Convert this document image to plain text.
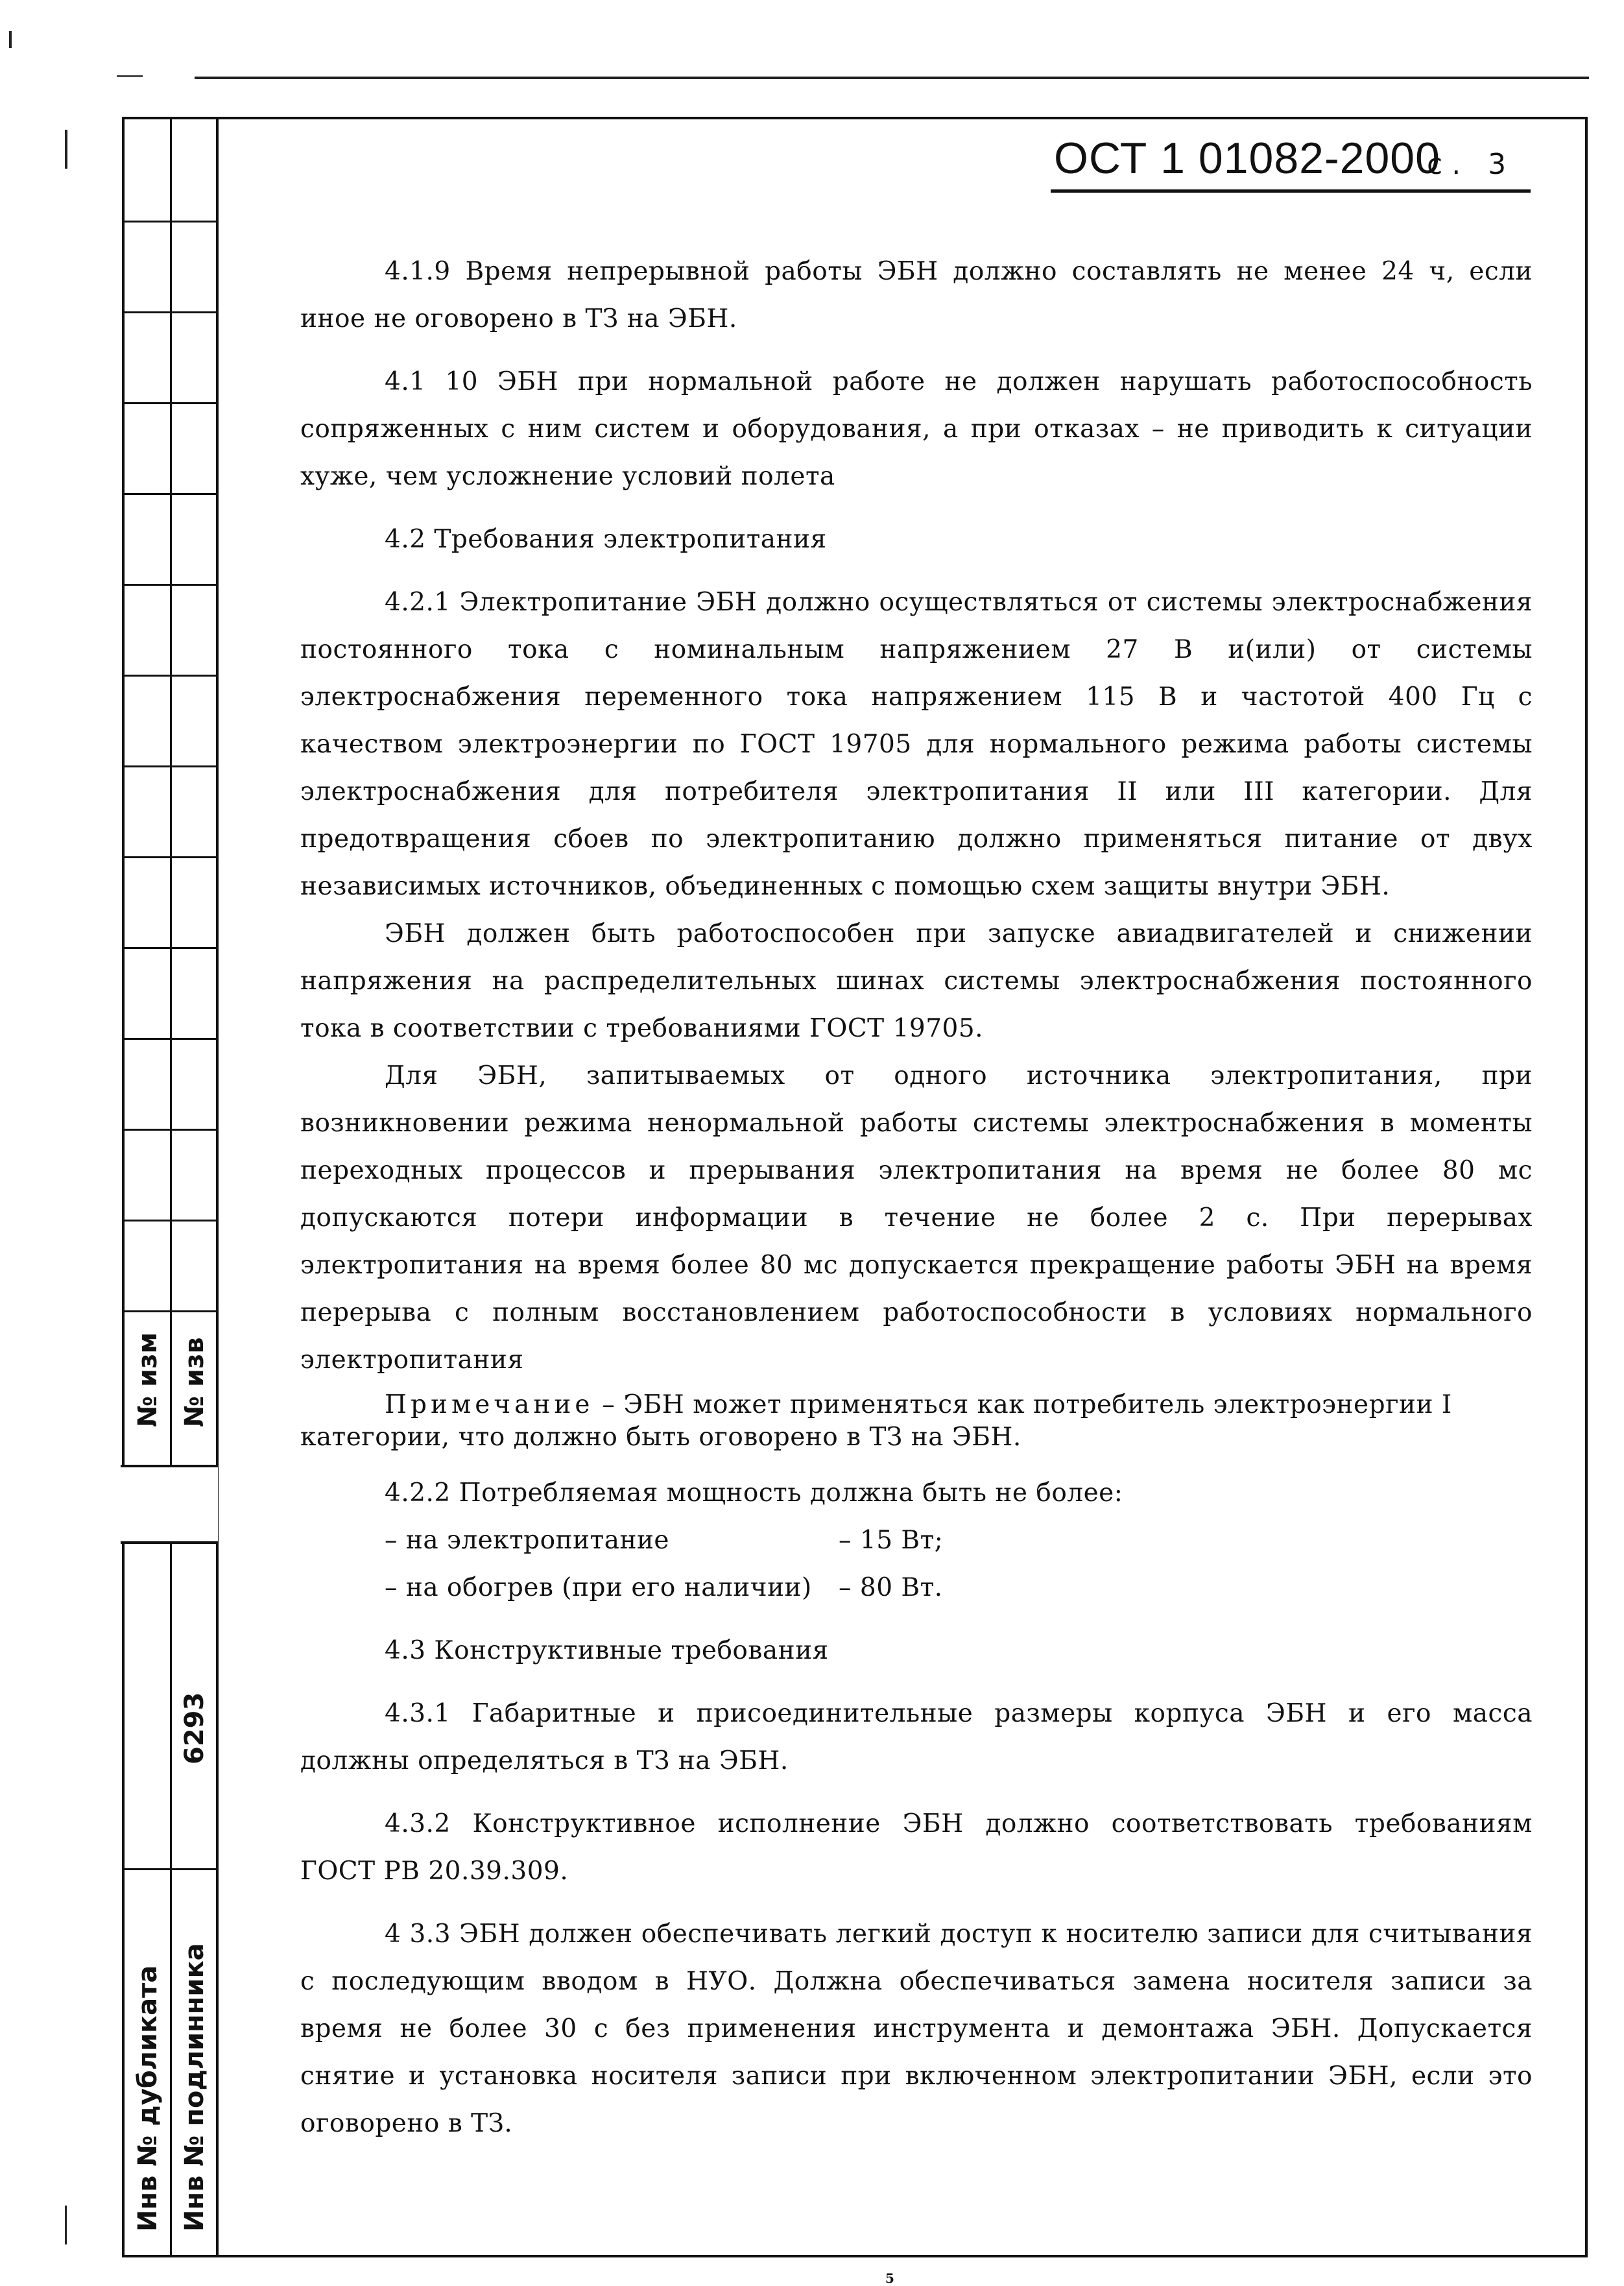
№ изм № изв
6293
Инв № дубликата Инв № подлинника
ОСТ 1 01082-2000
с. 3

4.1.9 Время непрерывной работы ЭБН должно составлять не менее 24 ч, если иное не оговорено в ТЗ на ЭБН.

4.1 10 ЭБН при нормальной работе не должен нарушать работоспособность сопряженных с ним систем и оборудования, а при отказах – не приводить к ситуации хуже, чем усложнение условий полета

4.2 Требования электропитания

4.2.1 Электропитание ЭБН должно осуществляться от системы электроснабжения постоянного тока с номинальным напряжением 27 В и(или) от системы электроснабжения переменного тока напряжением 115 В и частотой 400 Гц с качеством электроэнергии по ГОСТ 19705 для нормального режима работы системы электроснабжения для потребителя электропитания II или III категории. Для предотвращения сбоев по электропитанию должно применяться питание от двух независимых источников, объединенных с помощью схем защиты внутри ЭБН.

ЭБН должен быть работоспособен при запуске авиадвигателей и снижении напряжения на распределительных шинах системы электроснабжения постоянного тока в соответствии с требованиями ГОСТ 19705.

Для ЭБН, запитываемых от одного источника электропитания, при возникновении режима ненормальной работы системы электроснабжения в моменты переходных процессов и прерывания электропитания на время не более 80 мс допускаются потери информации в течение не более 2 с. При перерывах электропитания на время более 80 мс допускается прекращение работы ЭБН на время перерыва с полным восстановлением работоспособности в условиях нормального электропитания

Примечание – ЭБН может применяться как потребитель электроэнергии I категории, что должно быть оговорено в ТЗ на ЭБН.

4.2.2 Потребляемая мощность должна быть не более:

– на электропитание	– 15 Вт;
– на обогрев (при его наличии)	– 80 Вт.

4.3 Конструктивные требования

4.3.1 Габаритные и присоединительные размеры корпуса ЭБН и его масса должны определяться в ТЗ на ЭБН.

4.3.2 Конструктивное исполнение ЭБН должно соответствовать требованиям ГОСТ РВ 20.39.309.

4 3.3 ЭБН должен обеспечивать легкий доступ к носителю записи для считывания с последующим вводом в НУО. Должна обеспечиваться замена носителя записи за время не более 30 с без применения инструмента и демонтажа ЭБН. Допускается снятие и установка носителя записи при включенном электропитании ЭБН, если это оговорено в ТЗ.

5
